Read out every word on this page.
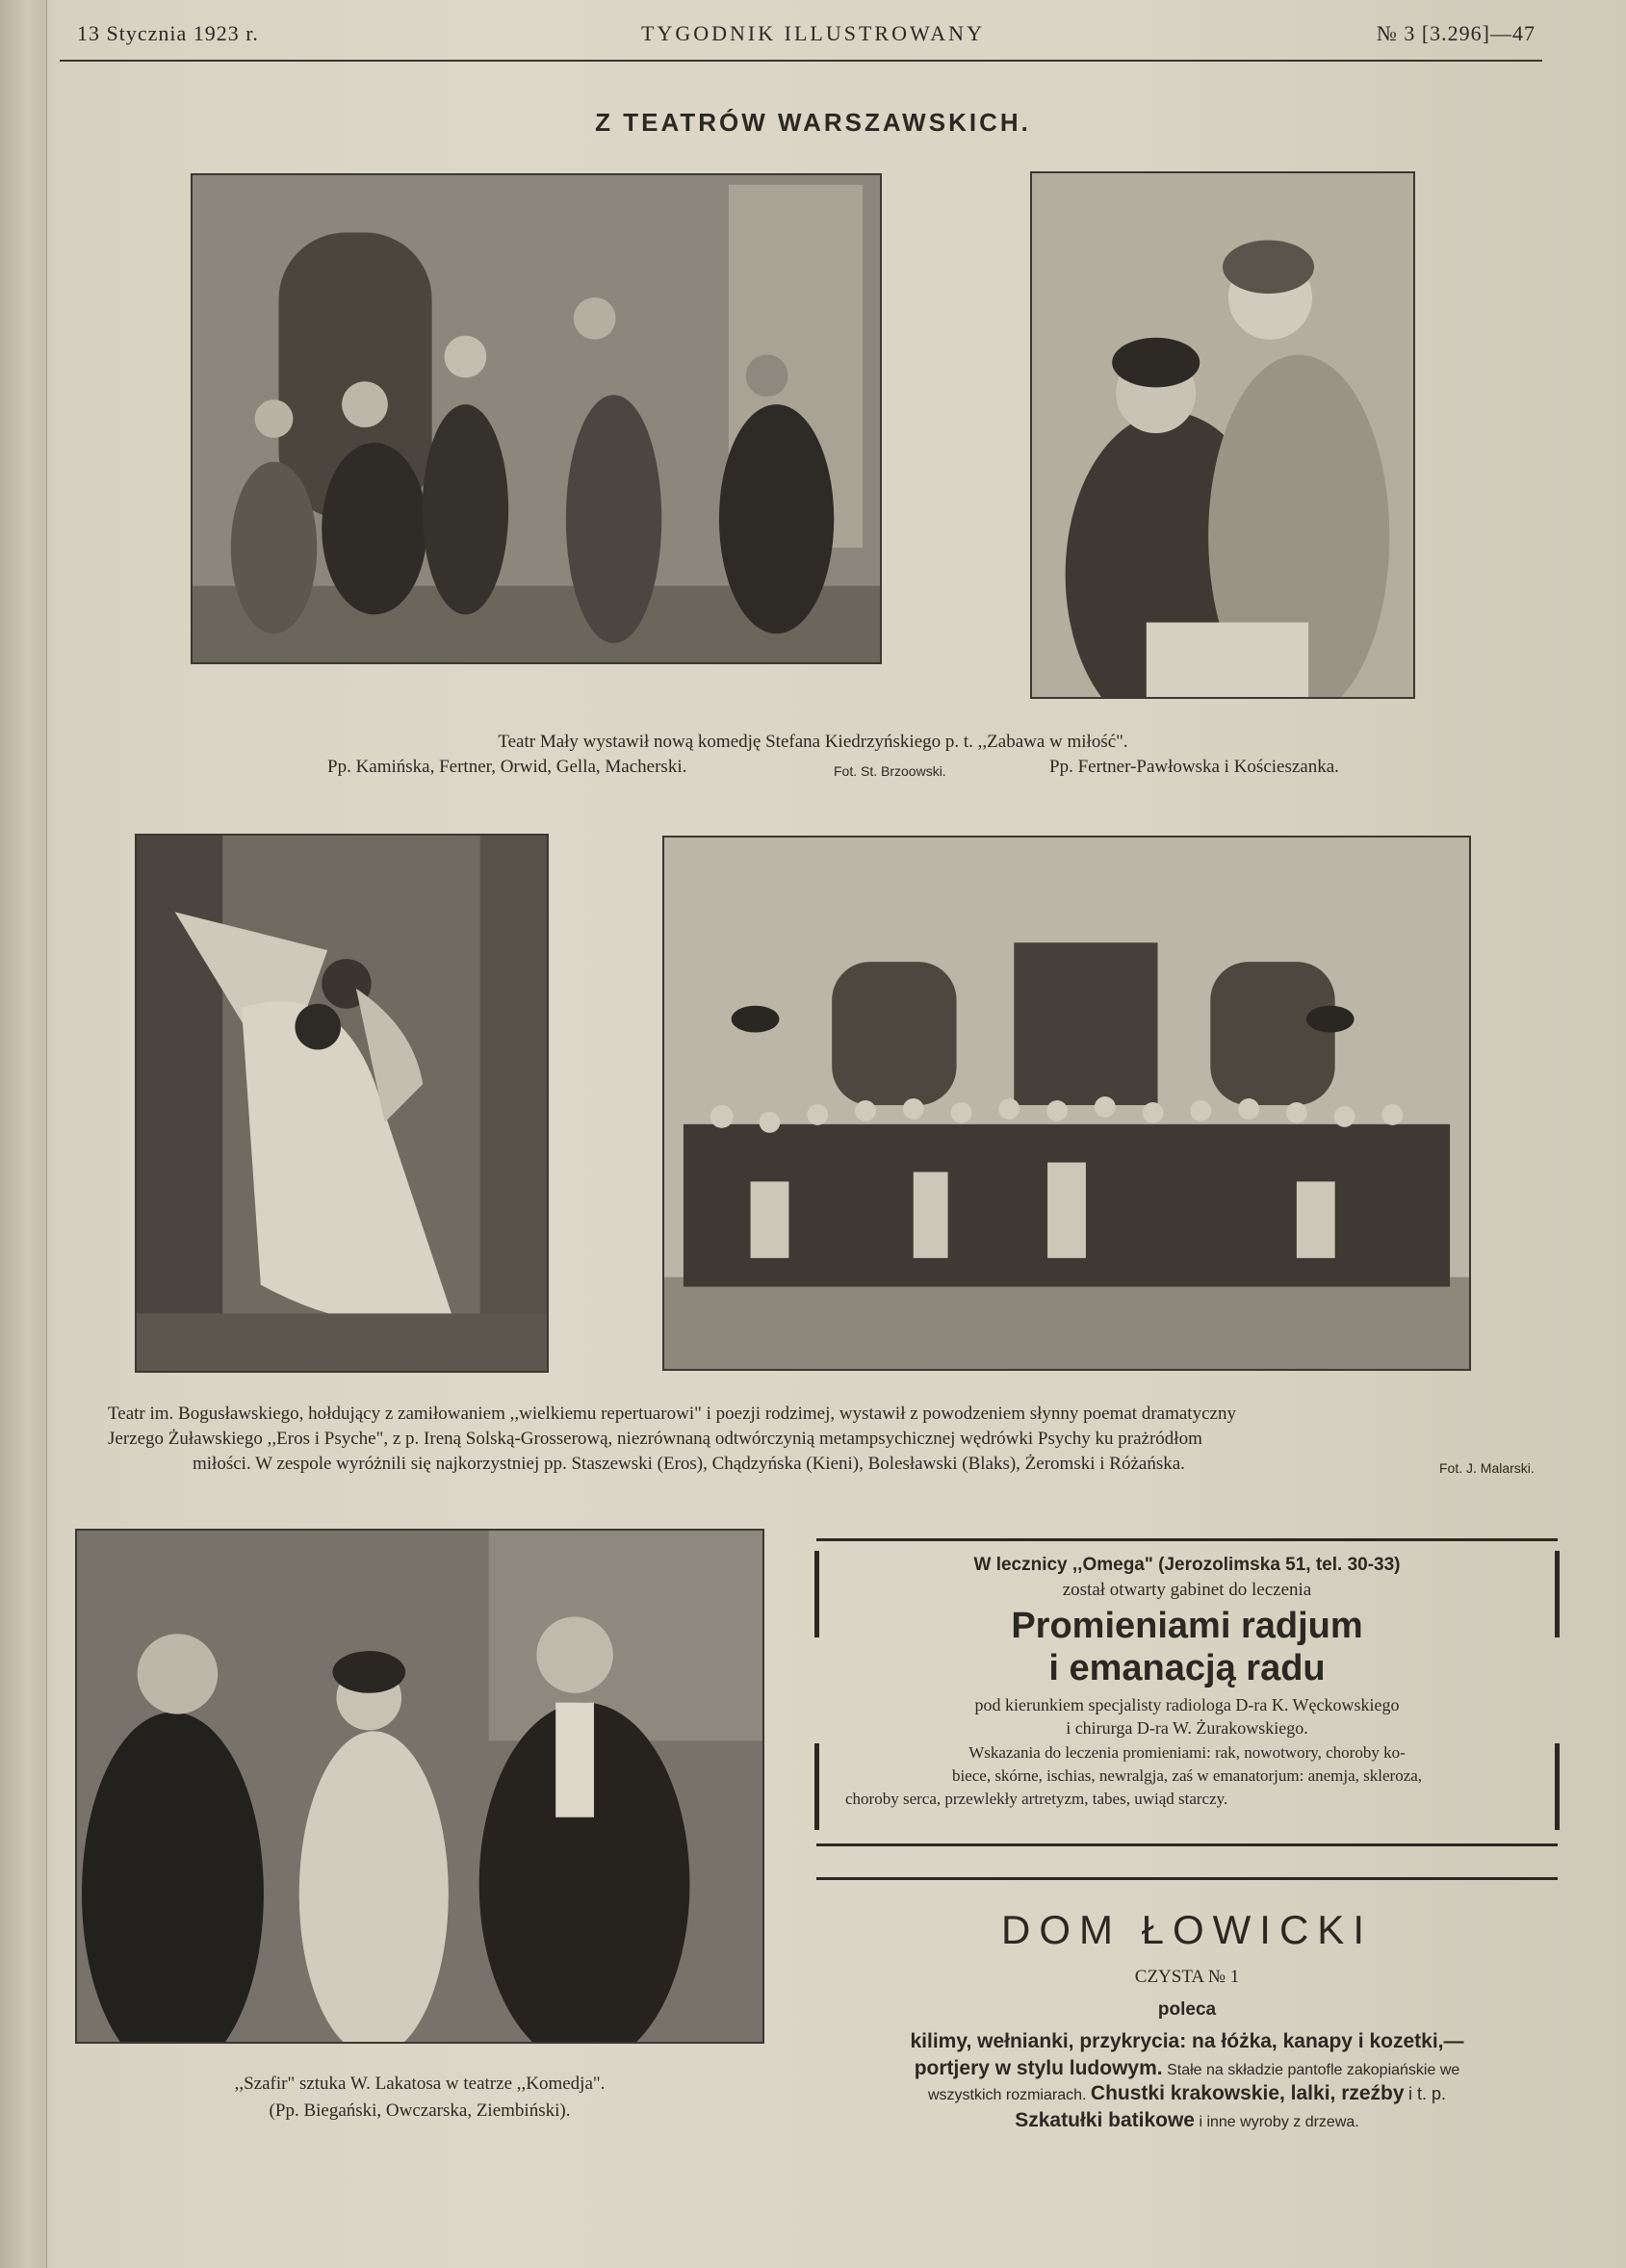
13 Stycznia 1923 r.	TYGODNIK ILLUSTROWANY	№ 3 [3.296]—47
Z TEATRÓW WARSZAWSKICH.
Teatr Mały wystawił nową komedję Stefana Kiedrzyńskiego p. t. ,,Zabawa w miłość".
Pp. Kamińska, Fertner, Orwid, Gella, Macherski.	Fot. St. Brzoowski.	Pp. Fertner-Pawłowska i Kościeszanka.
Teatr im. Bogusławskiego, hołdujący z zamiłowaniem ,,wielkiemu repertuarowi" i poezji rodzimej, wystawił z powodzeniem słynny poemat dramatyczny
Jerzego Żuławskiego ,,Eros i Psyche", z p. Ireną Solską-Grosserową, niezrównaną odtwórczynią metampsychicznej wędrówki Psychy ku prażródłom
miłości. W zespole wyróżnili się najkorzystniej pp. Staszewski (Eros), Chądzyńska (Kieni), Bolesławski (Blaks), Żeromski i Różańska.	Fot. J. Malarski.
,,Szafir" sztuka W. Lakatosa w teatrze ,,Komedja".
(Pp. Biegański, Owczarska, Ziembiński).
W lecznicy ,,Omega" (Jerozolimska 51, tel. 30-33)
został otwarty gabinet do leczenia
Promieniami radjum
i emanacją radu
pod kierunkiem specjalisty radiologa D-ra K. Węckowskiego
i chirurga D-ra W. Żurakowskiego.
Wskazania do leczenia promieniami: rak, nowotwory, choroby ko-
biece, skórne, ischias, newralgja, zaś w emanatorjum: anemja, skleroza,
choroby serca, przewlekły artretyzm, tabes, uwiąd starczy.
DOM ŁOWICKI
CZYSTA № 1
poleca
kilimy, wełnianki, przykrycia: na łóżka, kanapy i kozetki,—
portjery w stylu ludowym. Stałe na składzie pantofle zakopiańskie we
wszystkich rozmiarach. Chustki krakowskie, lalki, rzeźby i t. p.
Szkatułki batikowe i inne wyroby z drzewa.
